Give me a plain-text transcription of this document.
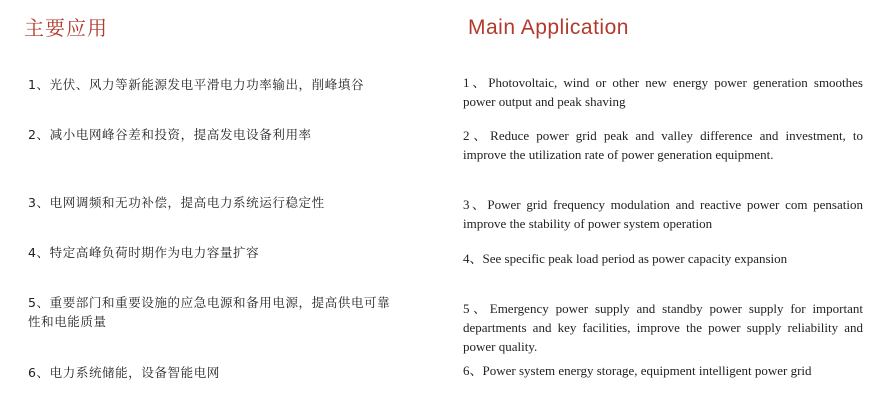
主要应用	Main Application

1、光伏、风力等新能源发电平滑电力功率输出，削峰填谷

2、减小电网峰谷差和投资，提高发电设备利用率

3、电网调频和无功补偿，提高电力系统运行稳定性

4、特定高峰负荷时期作为电力容量扩容

5、重要部门和重要设施的应急电源和备用电源，提高供电可靠性和电能质量

6、电力系统储能，设备智能电网

1、Photovoltaic, wind or other new energy power generation smoothes power output and peak shaving

2、Reduce power grid peak and valley difference and investment, to improve the utilization rate of power generation equipment.

3、Power grid frequency modulation and reactive power com pensation improve the stability of power system operation

4、See specific peak load period as power capacity expansion

5、Emergency power supply and standby power supply for important departments and key facilities, improve the power supply reliability and power quality.

6、Power system energy storage, equipment intelligent power grid
